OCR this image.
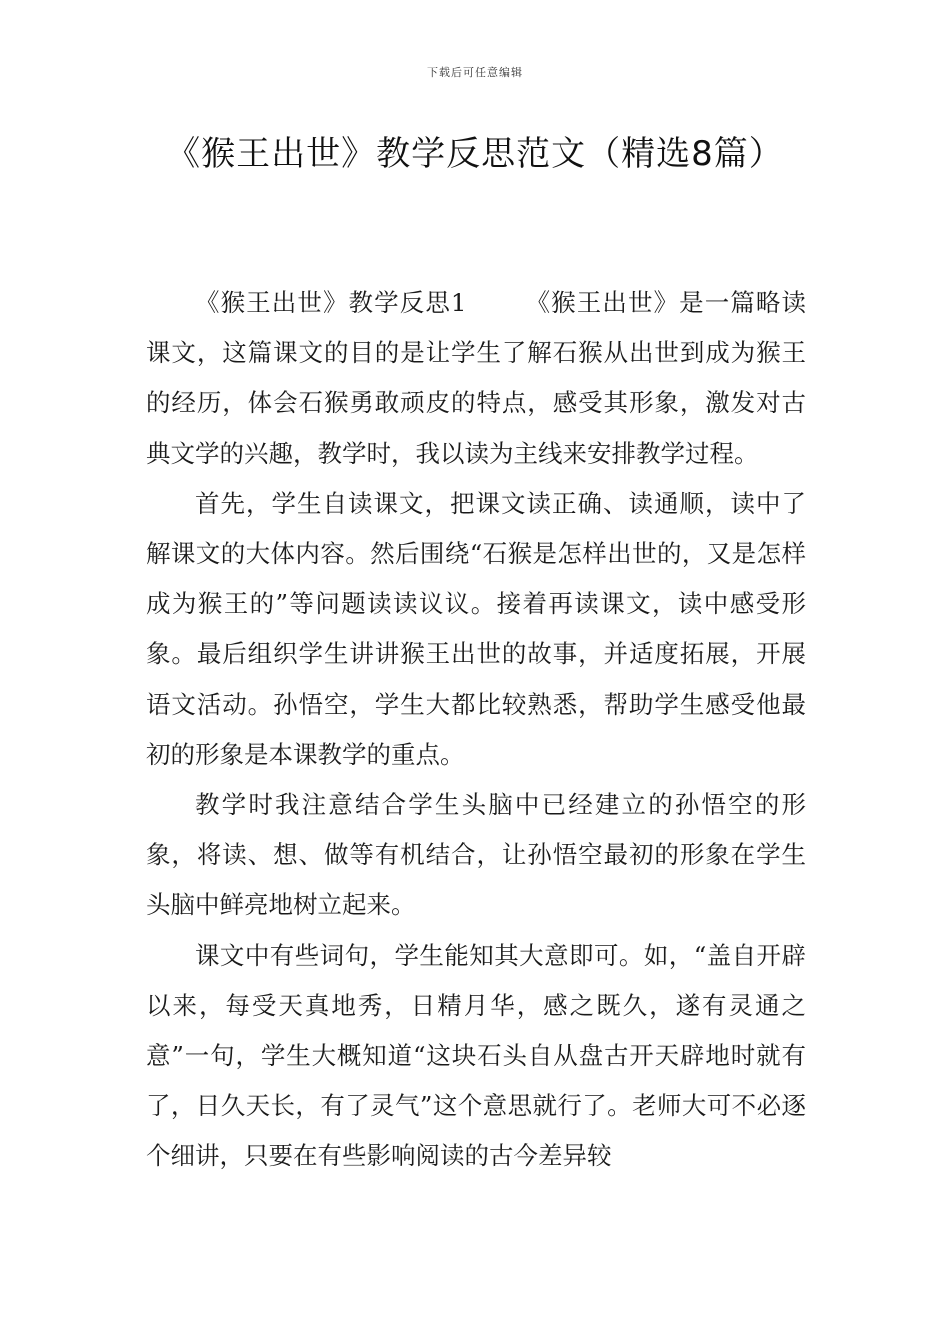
下载后可任意编辑
《猴王出世》教学反思范文（精选8篇）

《猴王出世》教学反思1 《猴王出世》是一篇略读课文，这篇课文的目的是让学生了解石猴从出世到成为猴王的经历，体会石猴勇敢顽皮的特点，感受其形象，激发对古典文学的兴趣，教学时，我以读为主线来安排教学过程。

首先，学生自读课文，把课文读正确、读通顺，读中了解课文的大体内容。然后围绕“石猴是怎样出世的，又是怎样成为猴王的”等问题读读议议。接着再读课文，读中感受形象。最后组织学生讲讲猴王出世的故事，并适度拓展，开展语文活动。孙悟空，学生大都比较熟悉，帮助学生感受他最初的形象是本课教学的重点。

教学时我注意结合学生头脑中已经建立的孙悟空的形象，将读、想、做等有机结合，让孙悟空最初的形象在学生头脑中鲜亮地树立起来。

课文中有些词句，学生能知其大意即可。如，“盖自开辟以来，每受天真地秀，日精月华，感之既久，遂有灵通之意”一句，学生大概知道“这块石头自从盘古开天辟地时就有了，日久天长，有了灵气”这个意思就行了。老师大可不必逐个细讲，只要在有些影响阅读的古今差异较
